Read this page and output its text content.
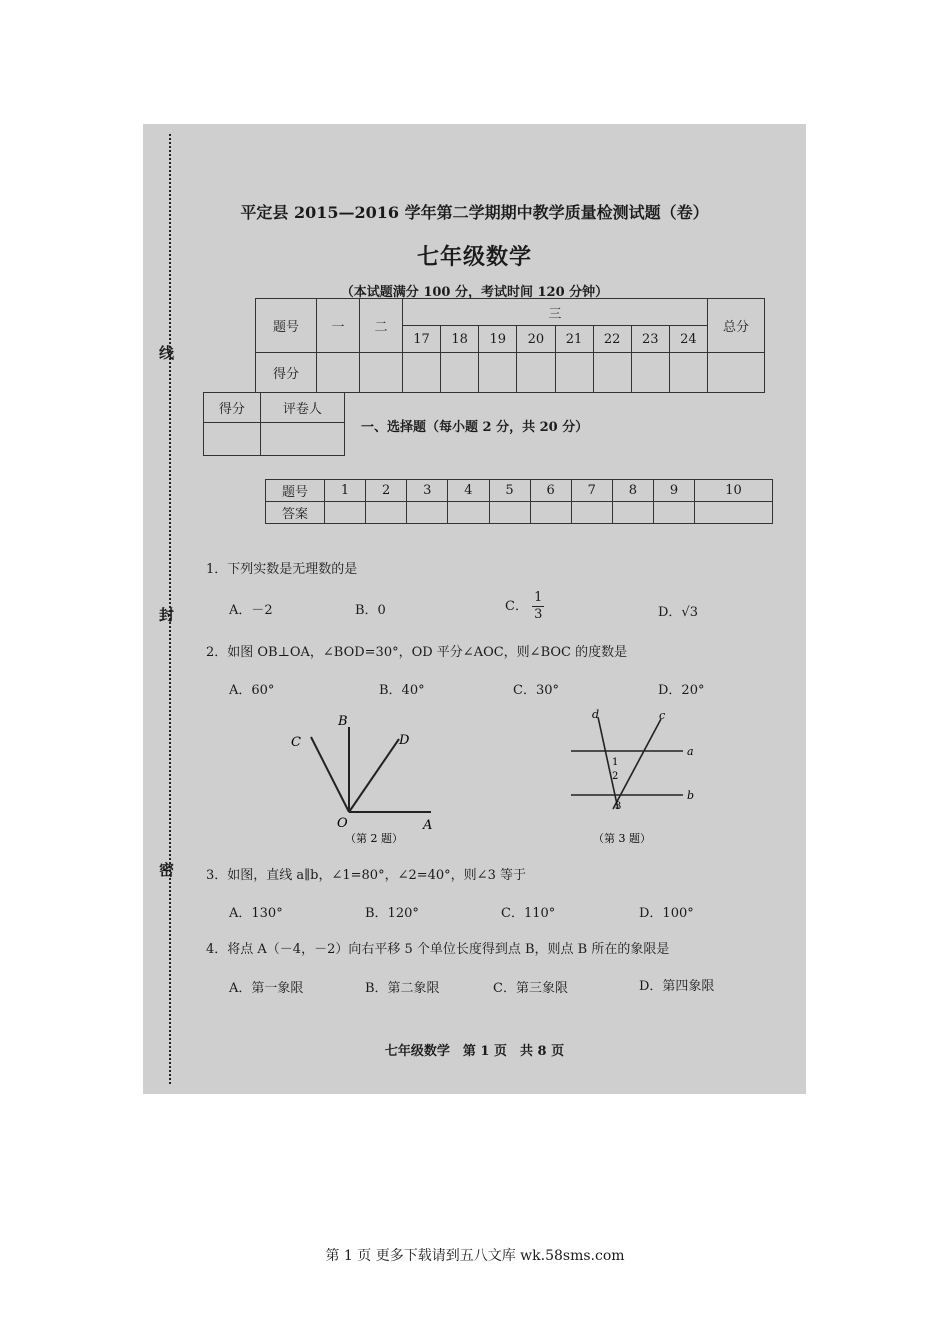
线
封
密
平定县 2015—2016 学年第二学期期中教学质量检测试题（卷）
七年级数学
（本试题满分 100 分，考试时间 120 分钟）
题号	一	二	三								总分
			17	18	19	20	21	22	23	24	
得分											
得分	评卷人

一、选择题（每小题 2 分，共 20 分）
题号	1	2	3	4	5	6	7	8	9	10
答案										
1．下列实数是无理数的是
A．－2	B．0	C． $\frac{1}{3}$	D．√3
2．如图 OB⊥OA，∠BOD=30°，OD 平分∠AOC，则∠BOC 的度数是
A．60°	B．40°	C．30°	D．20°
B
C	D
O	A
（第 2 题）
d	c
a
b
1
2
3
（第 3 题）
3．如图，直线 a∥b，∠1=80°，∠2=40°，则∠3 等于
A．130°	B．120°	C．110°	D．100°
4．将点 A（－4，－2）向右平移 5 个单位长度得到点 B，则点 B 所在的象限是
A．第一象限	B．第二象限	C．第三象限	D．第四象限
七年级数学　第 1 页　共 8 页
第 1 页 更多下载请到五八文库 wk.58sms.com
